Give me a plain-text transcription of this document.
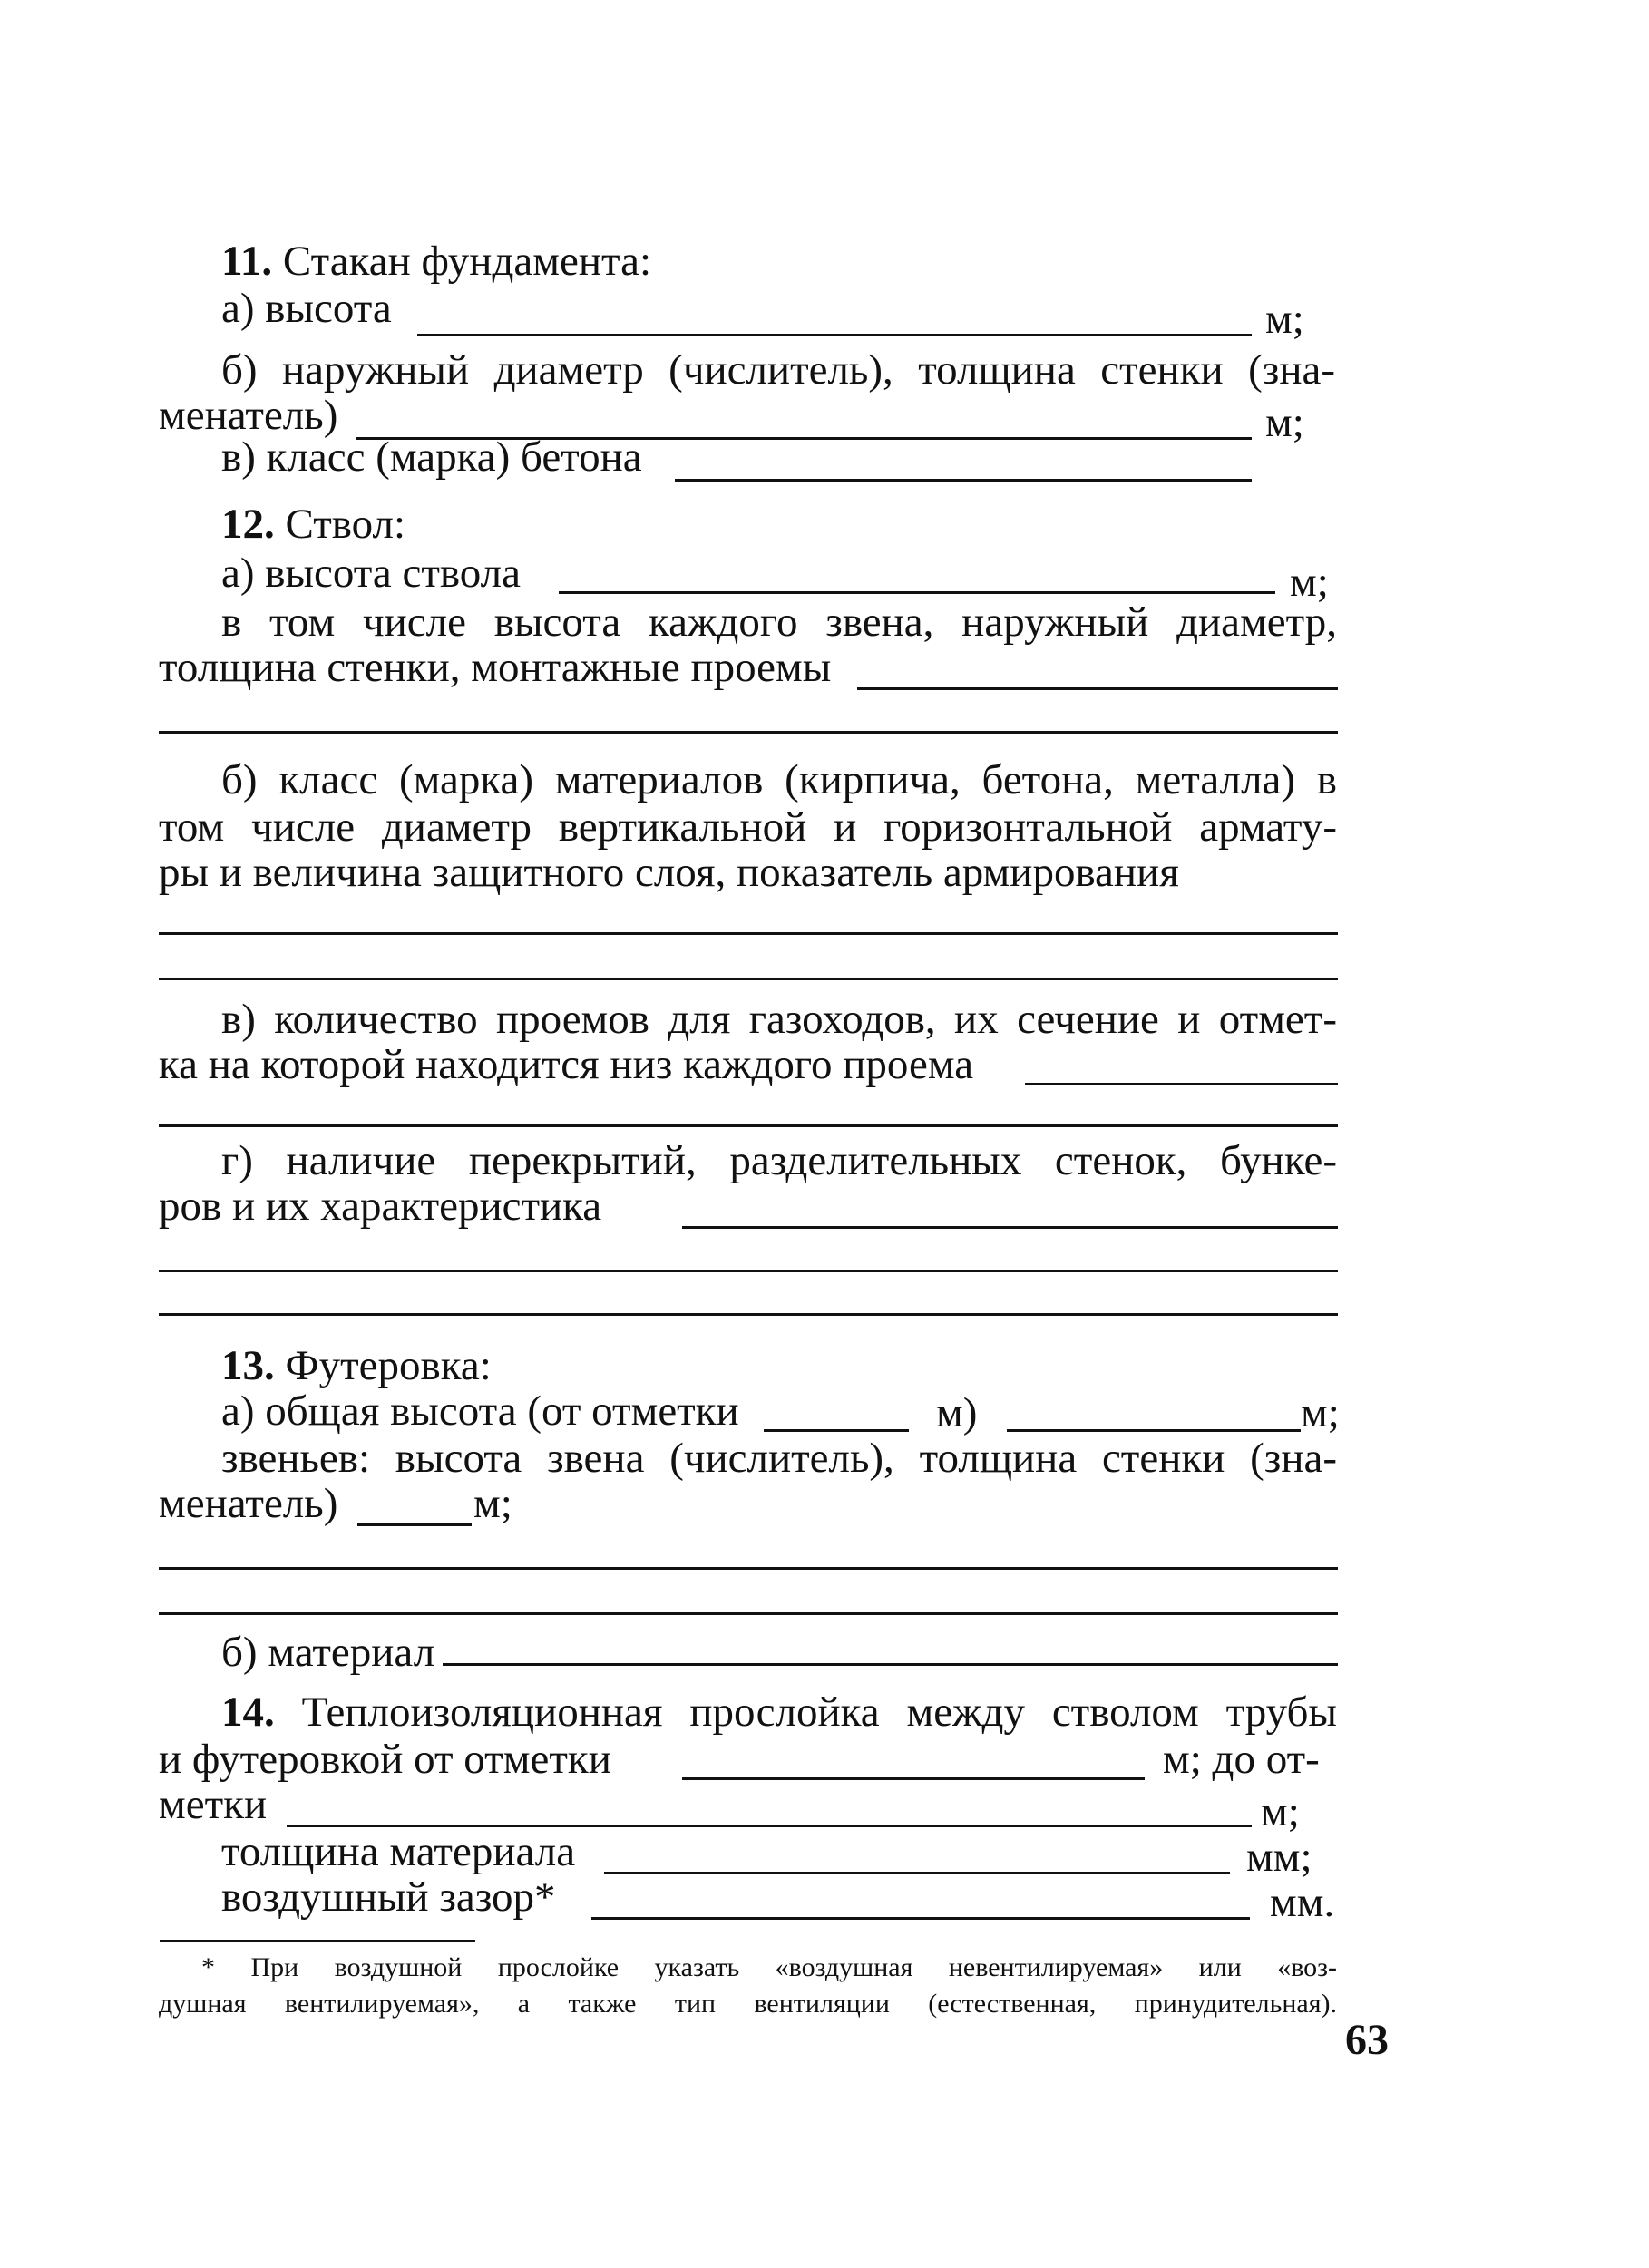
11. Стакан фундамента:
а) высота	м;
б) наружный диаметр (числитель), толщина стенки (зна-
менатель)	м;
в) класс (марка) бетона
12. Ствол:
а) высота ствола	м;
в том числе высота каждого звена, наружный диаметр,
толщина стенки, монтажные проемы
б) класс (марка) материалов (кирпича, бетона, металла) в
том числе диаметр вертикальной и горизонтальной армату-
ры и величина защитного слоя, показатель армирования
в) количество проемов для газоходов, их сечение и отмет-
ка на которой находится низ каждого проема
г) наличие перекрытий, разделительных стенок, бунке-
ров и их характеристика
13. Футеровка:
а) общая высота (от отметки	м)	м;
звеньев: высота звена (числитель), толщина стенки (зна-
менатель)	м;
б) материал
14. Теплоизоляционная прослойка между стволом трубы
и футеровкой от отметки	м; до от-
метки	м;
толщина материала	мм;
воздушный зазор*	мм.
* При воздушной прослойке указать «воздушная невентилируемая» или «воз-
душная вентилируемая», а также тип вентиляции (естественная, принудительная).
63
